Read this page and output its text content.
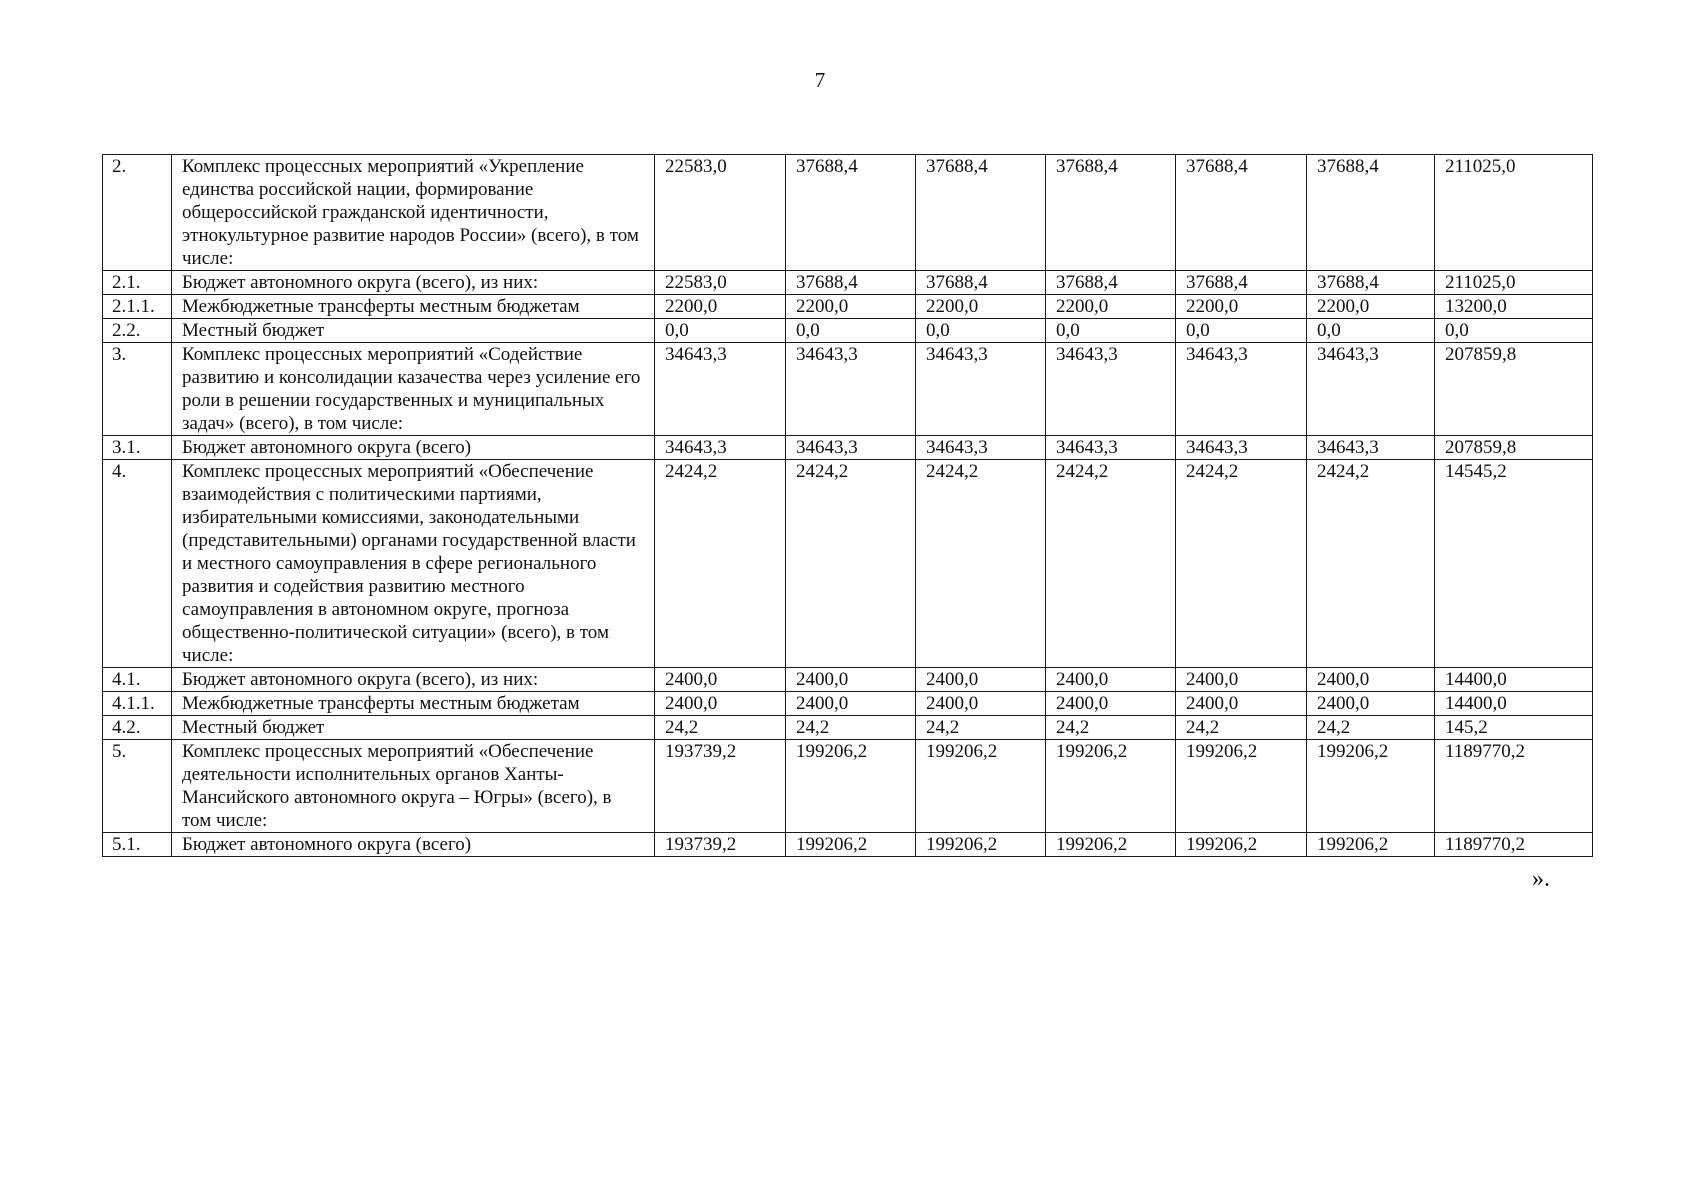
7
2.	Комплекс процессных мероприятий «Укрепление единства российской нации, формирование общероссийской гражданской идентичности, этнокультурное развитие народов России» (всего), в том числе:	22583,0	37688,4	37688,4	37688,4	37688,4	37688,4	211025,0
2.1.	Бюджет автономного округа (всего), из них:	22583,0	37688,4	37688,4	37688,4	37688,4	37688,4	211025,0
2.1.1.	Межбюджетные трансферты местным бюджетам	2200,0	2200,0	2200,0	2200,0	2200,0	2200,0	13200,0
2.2.	Местный бюджет	0,0	0,0	0,0	0,0	0,0	0,0	0,0
3.	Комплекс процессных мероприятий «Содействие развитию и консолидации казачества через усиление его роли в решении государственных и муниципальных задач» (всего), в том числе:	34643,3	34643,3	34643,3	34643,3	34643,3	34643,3	207859,8
3.1.	Бюджет автономного округа (всего)	34643,3	34643,3	34643,3	34643,3	34643,3	34643,3	207859,8
4.	Комплекс процессных мероприятий «Обеспечение взаимодействия с политическими партиями, избирательными комиссиями, законодательными (представительными) органами государственной власти и местного самоуправления в сфере регионального развития и содействия развитию местного самоуправления в автономном округе, прогноза общественно-политической ситуации» (всего), в том числе:	2424,2	2424,2	2424,2	2424,2	2424,2	2424,2	14545,2
4.1.	Бюджет автономного округа (всего), из них:	2400,0	2400,0	2400,0	2400,0	2400,0	2400,0	14400,0
4.1.1.	Межбюджетные трансферты местным бюджетам	2400,0	2400,0	2400,0	2400,0	2400,0	2400,0	14400,0
4.2.	Местный бюджет	24,2	24,2	24,2	24,2	24,2	24,2	145,2
5.	Комплекс процессных мероприятий «Обеспечение деятельности исполнительных органов Ханты-Мансийского автономного округа – Югры» (всего), в том числе:	193739,2	199206,2	199206,2	199206,2	199206,2	199206,2	1189770,2
5.1.	Бюджет автономного округа (всего)	193739,2	199206,2	199206,2	199206,2	199206,2	199206,2	1189770,2
».
